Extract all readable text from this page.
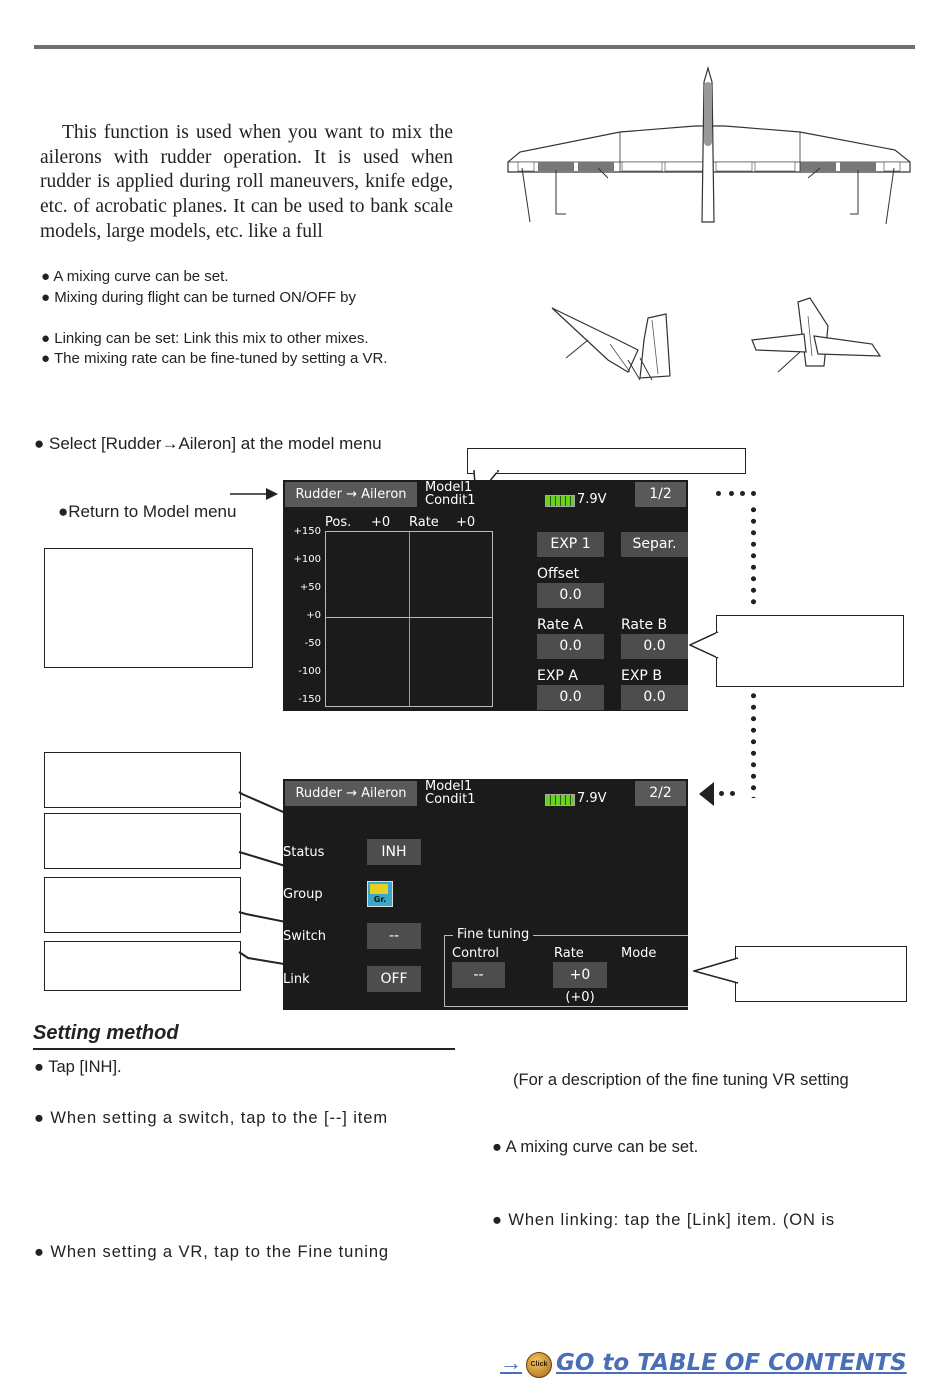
This function is used when you want to mix the ailerons with rudder operation. It is used when rudder is applied during roll maneuvers, knife edge, etc. of acrobatic planes. It can be used to bank scale models, large models, etc. like a full
● A mixing curve can be set.
● Mixing during flight can be turned ON/OFF by
● Linking can be set: Link this mix to other mixes.
● The mixing rate can be fine-tuned by setting a VR.
● Select [Rudder→Aileron] at the model menu
●Return to Model menu
Rudder → Aileron	Model1
Condit1	7.9V	1/2
Pos. +0 Rate +0
+150
+100
+50
+0
-50
-100
-150
EXP 1	Separ.
Offset
0.0
Rate A	Rate B
0.0	0.0
EXP A	EXP B
0.0	0.0
Rudder → Aileron	Model1
Condit1	7.9V	2/2
Status	INH
Group	Gr.
Switch	--
Link	OFF
Fine tuning
Control	Rate	Mode
--	+0
(+0)
Setting method
● Tap [INH].
● When setting a switch, tap to the [--] item
● When setting a VR, tap to the Fine tuning
(For a description of the fine tuning VR setting
● A mixing curve can be set.
● When linking: tap the [Link] item. (ON is
→	Click GO to TABLE OF CONTENTS
